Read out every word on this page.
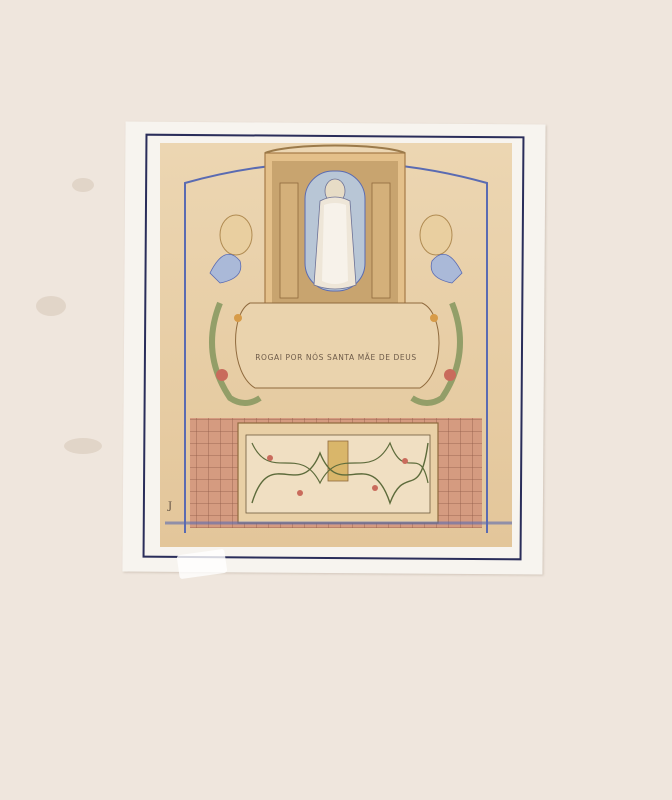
ROGAI POR NÓS SANTA MÃE DE DEUS
J
